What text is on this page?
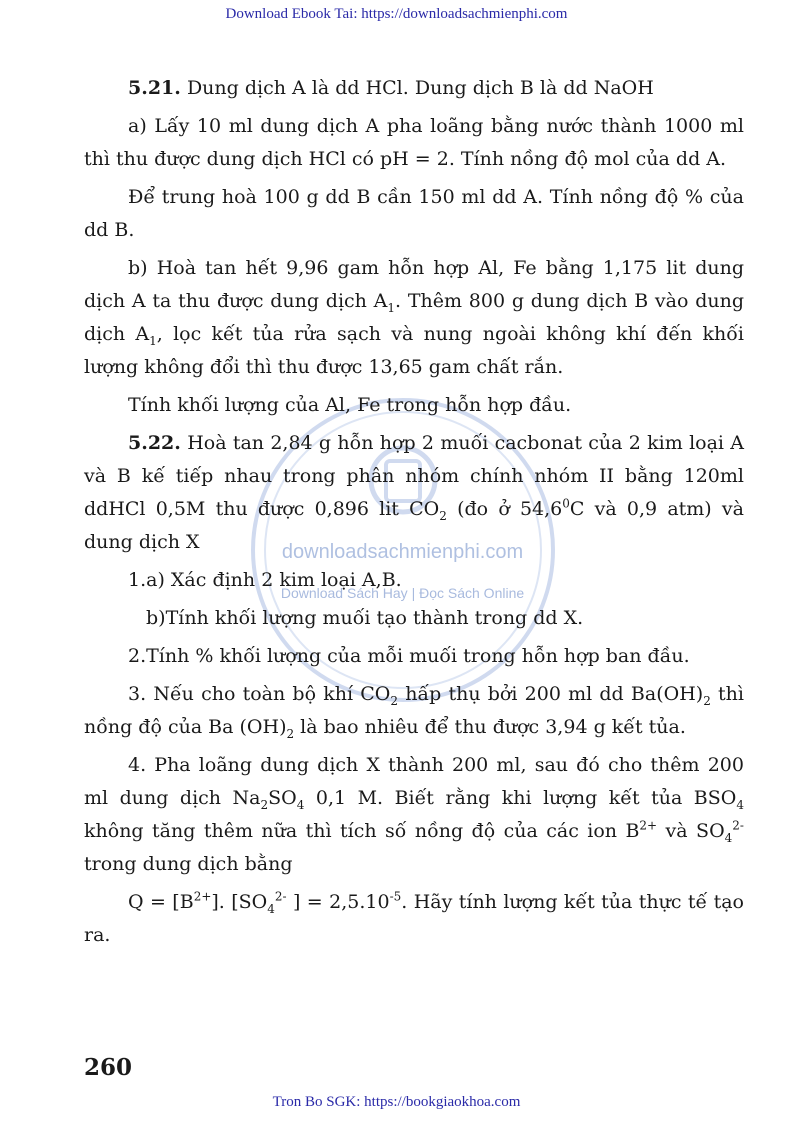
Download Ebook Tai: https://downloadsachmienphi.com
downloadsachmienphi.com
Download Sách Hay | Đọc Sách Online

5.21. Dung dịch A là dd HCl. Dung dịch B là dd NaOH

a) Lấy 10 ml dung dịch A pha loãng bằng nước thành 1000 ml thì thu được dung dịch HCl có pH = 2. Tính nồng độ mol của dd A.

Để trung hoà 100 g dd B cần 150 ml dd A. Tính nồng độ % của dd B.

b) Hoà tan hết 9,96 gam hỗn hợp Al, Fe bằng 1,175 lit dung dịch A ta thu được dung dịch $A_1$. Thêm 800 g dung dịch B vào dung dịch $A_1$, lọc kết tủa rửa sạch và nung ngoài không khí đến khối lượng không đổi thì thu được 13,65 gam chất rắn.

Tính khối lượng của Al, Fe trong hỗn hợp đầu.

5.22. Hoà tan 2,84 g hỗn hợp 2 muối cacbonat của 2 kim loại A và B kế tiếp nhau trong phân nhóm chính nhóm II bằng 120ml ddHCl 0,5M thu được 0,896 lit $CO_2$ (đo ở 54,6$^0$C và 0,9 atm) và dung dịch X

1.a) Xác định 2 kim loại A,B.

b)Tính khối lượng muối tạo thành trong dd X.

2.Tính % khối lượng của mỗi muối trong hỗn hợp ban đầu.

3. Nếu cho toàn bộ khí $CO_2$ hấp thụ bởi 200 ml dd $Ba(OH)_2$ thì nồng độ của Ba $(OH)_2$ là bao nhiêu để thu được 3,94 g kết tủa.

4. Pha loãng dung dịch X thành 200 ml, sau đó cho thêm 200 ml dung dịch $Na_2SO_4$ 0,1 M. Biết rằng khi lượng kết tủa $BSO_4$ không tăng thêm nữa thì tích số nồng độ của các ion $B^{2+}$ và $SO_4^{2-}$ trong dung dịch bằng

$Q = [B^{2+}]$. [$SO_4^{2-}$ ] = $2,5.10^{-5}$. Hãy tính lượng kết tủa thực tế tạo ra.

260
Tron Bo SGK: https://bookgiaokhoa.com
